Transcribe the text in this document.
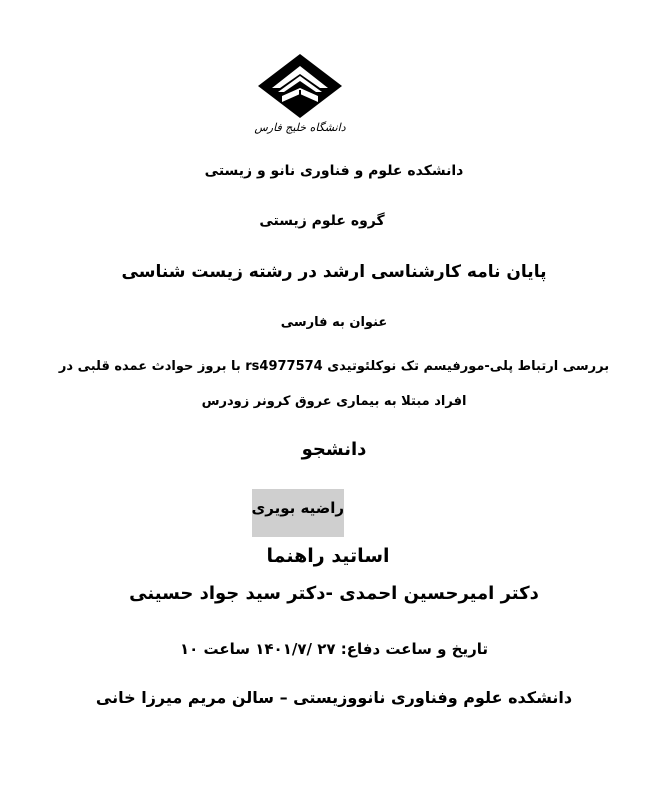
دانشگاه خلیج فارس
دانشکده علوم و فناوری نانو و زیستی
گروه علوم زیستی
پایان نامه کارشناسی ارشد در رشته زیست شناسی
عنوان به فارسی
بررسی ارتباط پلی-مورفیسم تک نوکلئوتیدی rs4977574 با بروز حوادث عمده قلبی در
افراد مبتلا به بیماری عروق کرونر زودرس
دانشجو
راضیه بویری
اساتید راهنما
دکتر امیرحسین احمدی -دکتر سید جواد حسینی
تاریخ و ساعت دفاع: ۲۷ /۱۴۰۱/۷ ساعت ۱۰
دانشکده علوم وفناوری نانووزیستی – سالن مریم میرزا خانی
